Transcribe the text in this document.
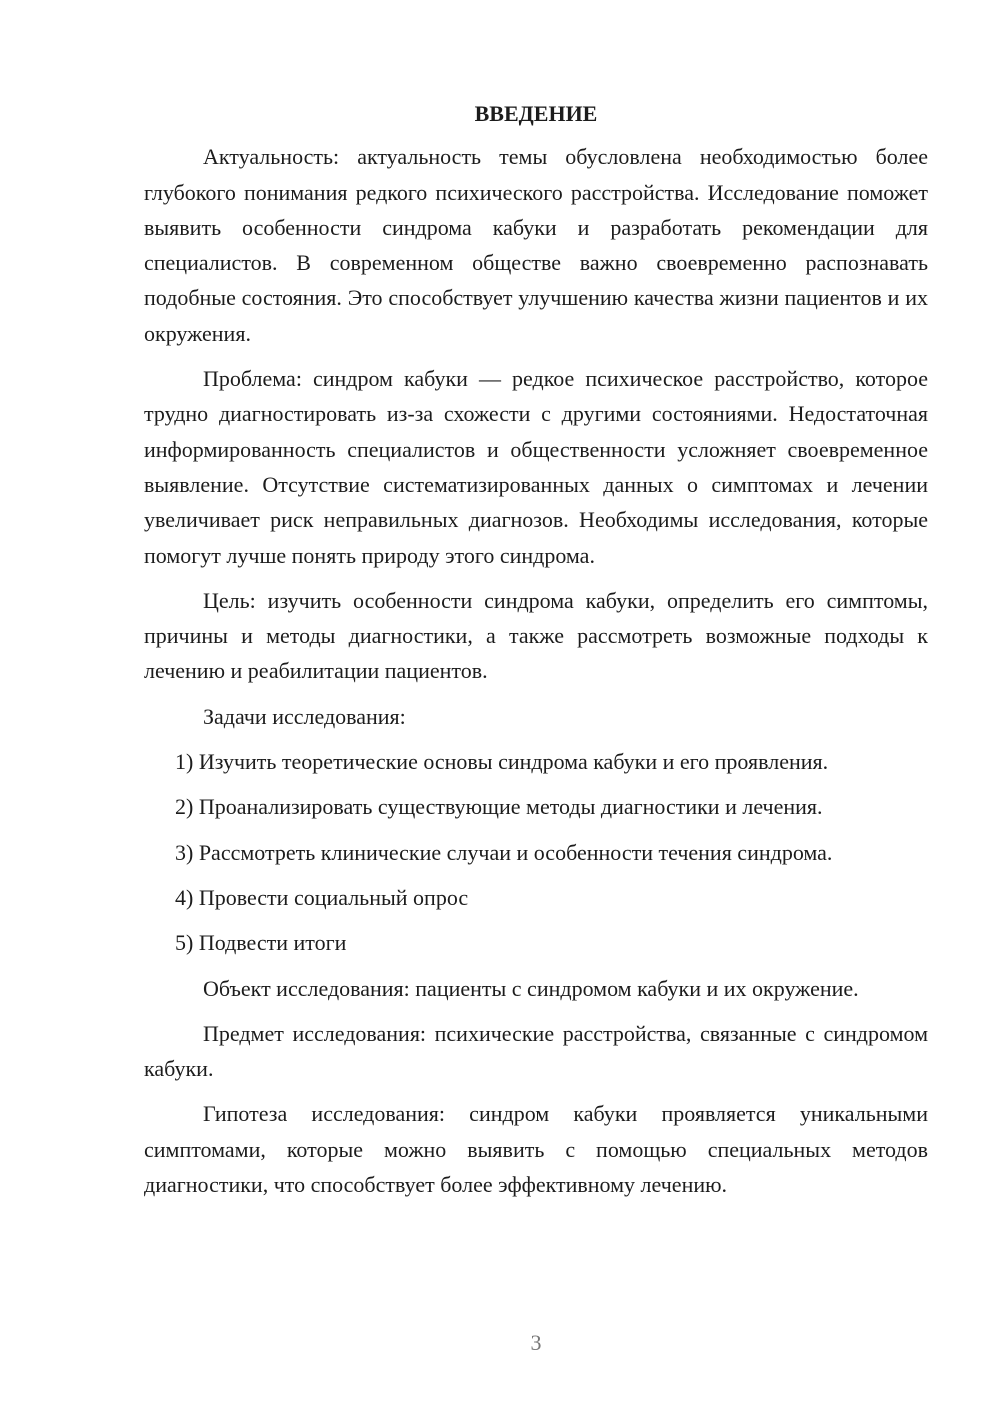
ВВЕДЕНИЕ

Актуальность: актуальность темы обусловлена необходимостью более глубокого понимания редкого психического расстройства. Исследование поможет выявить особенности синдрома кабуки и разработать рекомендации для специалистов. В современном обществе важно своевременно распознавать подобные состояния. Это способствует улучшению качества жизни пациентов и их окружения.

Проблема: синдром кабуки — редкое психическое расстройство, которое трудно диагностировать из-за схожести с другими состояниями. Недостаточная информированность специалистов и общественности усложняет своевременное выявление. Отсутствие систематизированных данных о симптомах и лечении увеличивает риск неправильных диагнозов. Необходимы исследования, которые помогут лучше понять природу этого синдрома.

Цель: изучить особенности синдрома кабуки, определить его симптомы, причины и методы диагностики, а также рассмотреть возможные подходы к лечению и реабилитации пациентов.

Задачи исследования:

1) Изучить теоретические основы синдрома кабуки и его проявления.

2) Проанализировать существующие методы диагностики и лечения.

3) Рассмотреть клинические случаи и особенности течения синдрома.

4) Провести социальный опрос

5) Подвести итоги

Объект исследования: пациенты с синдромом кабуки и их окружение.

Предмет исследования: психические расстройства, связанные с синдромом кабуки.

Гипотеза исследования: синдром кабуки проявляется уникальными симптомами, которые можно выявить с помощью специальных методов диагностики, что способствует более эффективному лечению.

3
